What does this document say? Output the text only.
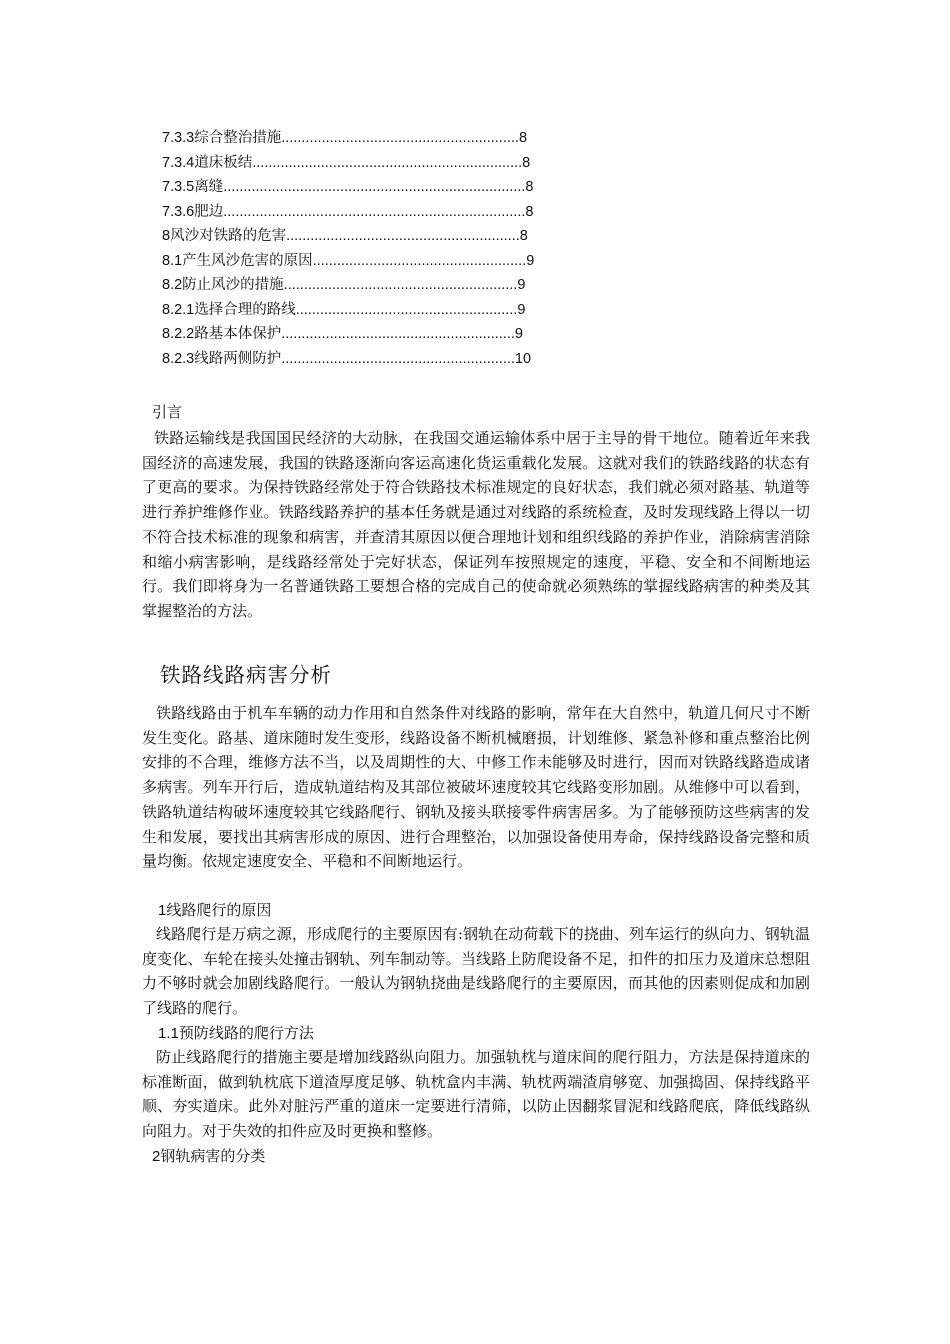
7.3.3综合整治措施...........................................................8
7.3.4道床板结...................................................................8
7.3.5离缝...........................................................................8
7.3.6肥边...........................................................................8
8风沙对铁路的危害..........................................................8
8.1产生风沙危害的原因.....................................................9
8.2防止风沙的措施..........................................................9
8.2.1选择合理的路线.......................................................9
8.2.2路基本体保护..........................................................9
8.2.3线路两侧防护..........................................................10
引言

铁路运输线是我国国民经济的大动脉，在我国交通运输体系中居于主导的骨干地位。随着近年来我国经济的高速发展，我国的铁路逐渐向客运高速化货运重载化发展。这就对我们的铁路线路的状态有了更高的要求。为保持铁路经常处于符合铁路技术标准规定的良好状态，我们就必须对路基、轨道等进行养护维修作业。铁路线路养护的基本任务就是通过对线路的系统检查，及时发现线路上得以一切不符合技术标准的现象和病害，并查清其原因以便合理地计划和组织线路的养护作业，消除病害消除和缩小病害影响，是线路经常处于完好状态，保证列车按照规定的速度，平稳、安全和不间断地运行。我们即将身为一名普通铁路工要想合格的完成自己的使命就必须熟练的掌握线路病害的种类及其掌握整治的方法。

铁路线路病害分析

铁路线路由于机车车辆的动力作用和自然条件对线路的影响，常年在大自然中，轨道几何尺寸不断发生变化。路基、道床随时发生变形，线路设备不断机械磨损，计划维修、紧急补修和重点整治比例安排的不合理，维修方法不当，以及周期性的大、中修工作未能够及时进行，因而对铁路线路造成诸多病害。列车开行后，造成轨道结构及其部位被破坏速度较其它线路变形加剧。从维修中可以看到，铁路轨道结构破坏速度较其它线路爬行、钢轨及接头联接零件病害居多。为了能够预防这些病害的发生和发展，要找出其病害形成的原因、进行合理整治，以加强设备使用寿命，保持线路设备完整和质量均衡。依规定速度安全、平稳和不间断地运行。

1线路爬行的原因

线路爬行是万病之源，形成爬行的主要原因有:钢轨在动荷载下的挠曲、列车运行的纵向力、钢轨温度变化、车轮在接头处撞击钢轨、列车制动等。当线路上防爬设备不足，扣件的扣压力及道床总想阻力不够时就会加剧线路爬行。一般认为钢轨挠曲是线路爬行的主要原因，而其他的因素则促成和加剧了线路的爬行。

1.1预防线路的爬行方法

防止线路爬行的措施主要是增加线路纵向阻力。加强轨枕与道床间的爬行阻力，方法是保持道床的标准断面，做到轨枕底下道渣厚度足够、轨枕盒内丰满、轨枕两端渣肩够宽、加强捣固、保持线路平顺、夯实道床。此外对脏污严重的道床一定要进行清筛，以防止因翻浆冒泥和线路爬底，降低线路纵向阻力。对于失效的扣件应及时更换和整修。

2钢轨病害的分类
